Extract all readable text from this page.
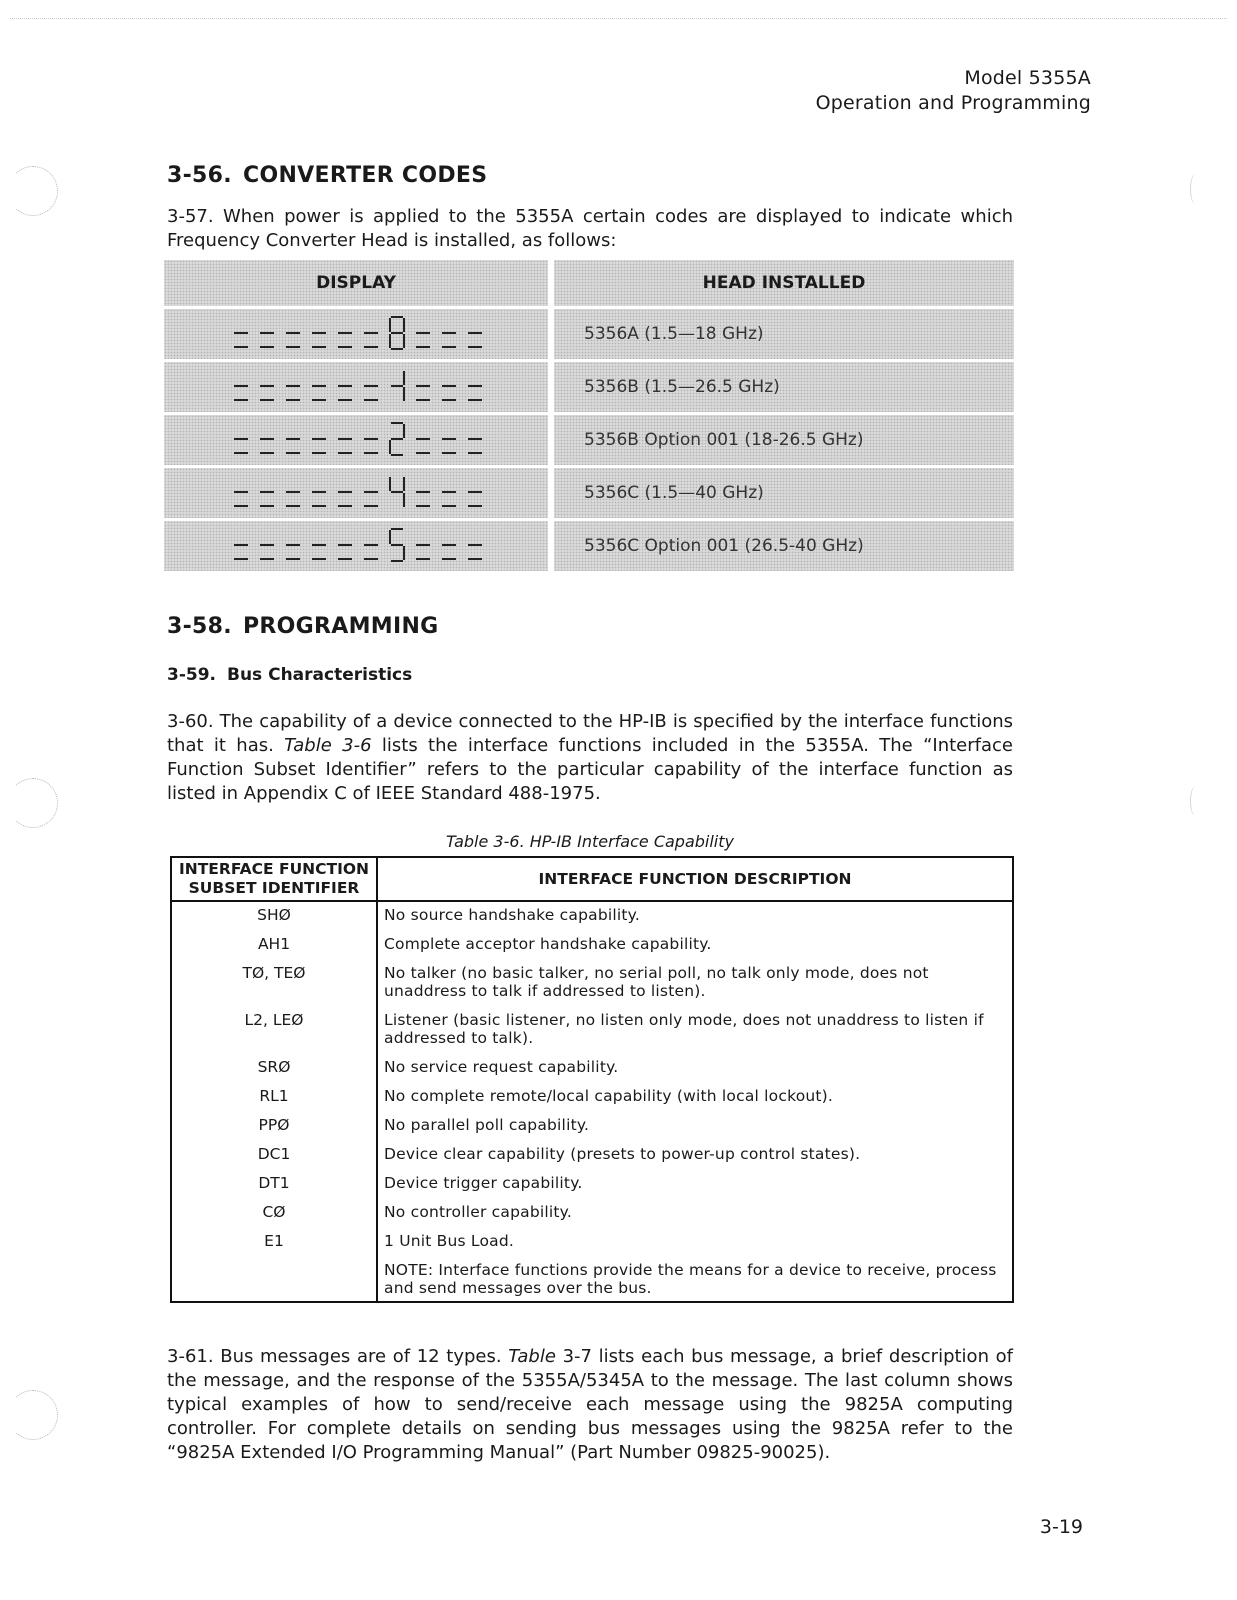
Model 5355A
Operation and Programming
3-56. CONVERTER CODES
3-57. When power is applied to the 5355A certain codes are displayed to indicate which Frequency Converter Head is installed, as follows:
DISPLAY	HEAD INSTALLED
5356A (1.5—18 GHz)
5356B (1.5—26.5 GHz)
5356B Option 001 (18-26.5 GHz)
5356C (1.5—40 GHz)
5356C Option 001 (26.5-40 GHz)
3-58. PROGRAMMING
3-59. Bus Characteristics
3-60. The capability of a device connected to the HP-IB is specified by the interface functions that it has. Table 3-6 lists the interface functions included in the 5355A. The “Interface Function Subset Identifier” refers to the particular capability of the interface function as listed in Appendix C of IEEE Standard 488-1975.
Table 3-6. HP-IB Interface Capability
INTERFACE FUNCTION
SUBSET IDENTIFIER	INTERFACE FUNCTION DESCRIPTION
SHØ	No source handshake capability.
AH1	Complete acceptor handshake capability.
TØ, TEØ	No talker (no basic talker, no serial poll, no talk only mode, does not unaddress to talk if addressed to listen).
L2, LEØ	Listener (basic listener, no listen only mode, does not unaddress to listen if addressed to talk).
SRØ	No service request capability.
RL1	No complete remote/local capability (with local lockout).
PPØ	No parallel poll capability.
DC1	Device clear capability (presets to power-up control states).
DT1	Device trigger capability.
CØ	No controller capability.
E1	1 Unit Bus Load.
	NOTE: Interface functions provide the means for a device to receive, process and send messages over the bus.
3-61. Bus messages are of 12 types. Table 3-7 lists each bus message, a brief description of the message, and the response of the 5355A/5345A to the message. The last column shows typical examples of how to send/receive each message using the 9825A computing controller. For complete details on sending bus messages using the 9825A refer to the “9825A Extended I/O Programming Manual” (Part Number 09825-90025).
3-19
